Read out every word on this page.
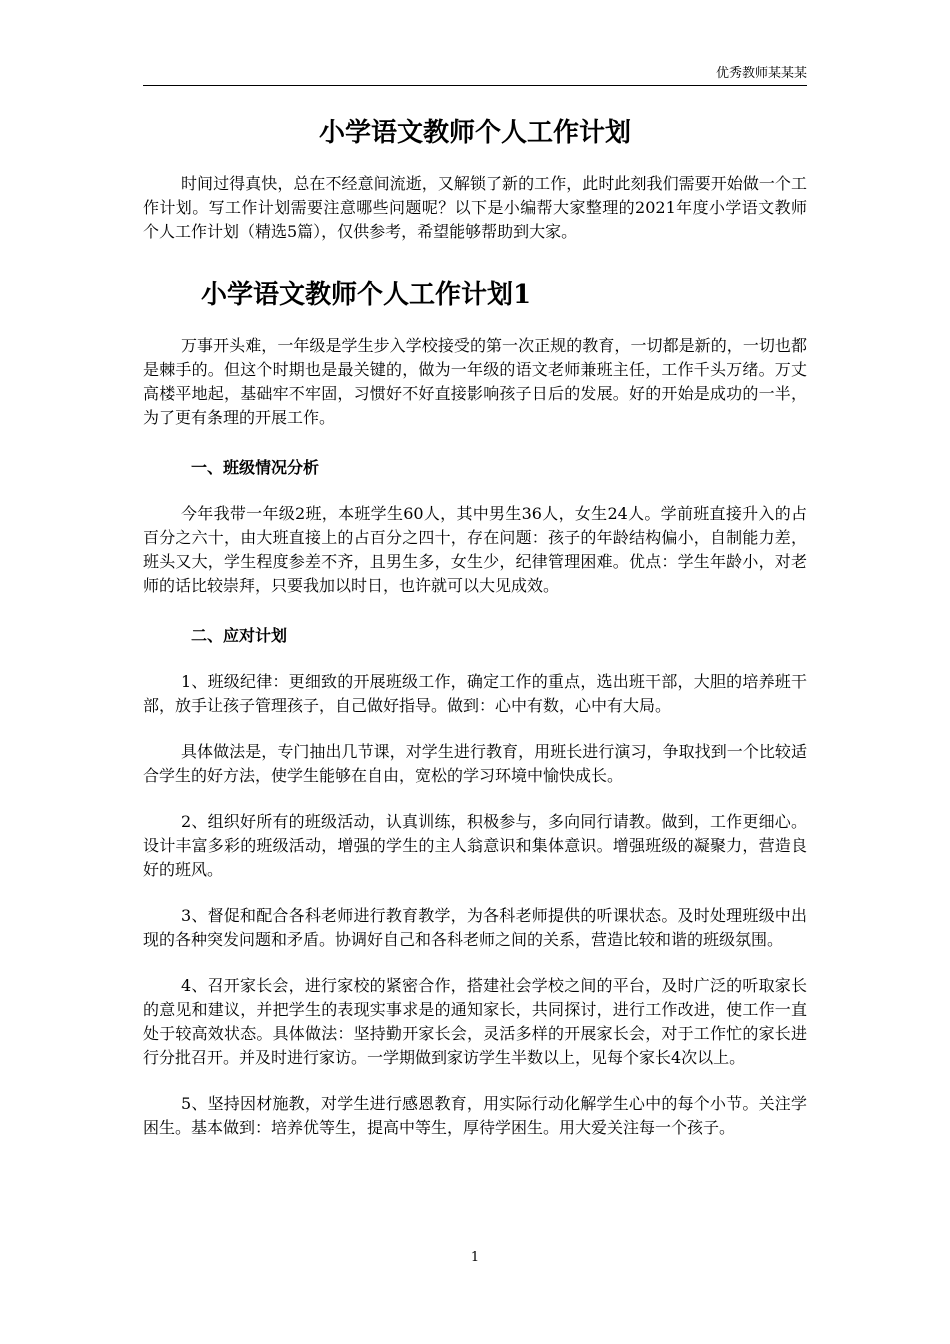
优秀教师某某某
小学语文教师个人工作计划

时间过得真快，总在不经意间流逝，又解锁了新的工作，此时此刻我们需要开始做一个工作计划。写工作计划需要注意哪些问题呢？以下是小编帮大家整理的2021年度小学语文教师个人工作计划（精选5篇），仅供参考，希望能够帮助到大家。

小学语文教师个人工作计划1

万事开头难，一年级是学生步入学校接受的第一次正规的教育，一切都是新的，一切也都是棘手的。但这个时期也是最关键的，做为一年级的语文老师兼班主任，工作千头万绪。万丈高楼平地起，基础牢不牢固，习惯好不好直接影响孩子日后的发展。好的开始是成功的一半，为了更有条理的开展工作。

一、班级情况分析

今年我带一年级2班，本班学生60人，其中男生36人，女生24人。学前班直接升入的占百分之六十，由大班直接上的占百分之四十，存在问题：孩子的年龄结构偏小，自制能力差，班头又大，学生程度参差不齐，且男生多，女生少，纪律管理困难。优点：学生年龄小，对老师的话比较崇拜，只要我加以时日，也许就可以大见成效。

二、应对计划

1、班级纪律：更细致的开展班级工作，确定工作的重点，选出班干部，大胆的培养班干部，放手让孩子管理孩子，自己做好指导。做到：心中有数，心中有大局。

具体做法是，专门抽出几节课，对学生进行教育，用班长进行演习，争取找到一个比较适合学生的好方法，使学生能够在自由，宽松的学习环境中愉快成长。

2、组织好所有的班级活动，认真训练，积极参与，多向同行请教。做到，工作更细心。设计丰富多彩的班级活动，增强的学生的主人翁意识和集体意识。增强班级的凝聚力，营造良好的班风。

3、督促和配合各科老师进行教育教学，为各科老师提供的听课状态。及时处理班级中出现的各种突发问题和矛盾。协调好自己和各科老师之间的关系，营造比较和谐的班级氛围。

4、召开家长会，进行家校的紧密合作，搭建社会学校之间的平台，及时广泛的听取家长的意见和建议，并把学生的表现实事求是的通知家长，共同探讨，进行工作改进，使工作一直处于较高效状态。具体做法：坚持勤开家长会，灵活多样的开展家长会，对于工作忙的家长进行分批召开。并及时进行家访。一学期做到家访学生半数以上，见每个家长4次以上。

5、坚持因材施教，对学生进行感恩教育，用实际行动化解学生心中的每个小节。关注学困生。基本做到：培养优等生，提高中等生，厚待学困生。用大爱关注每一个孩子。

1
